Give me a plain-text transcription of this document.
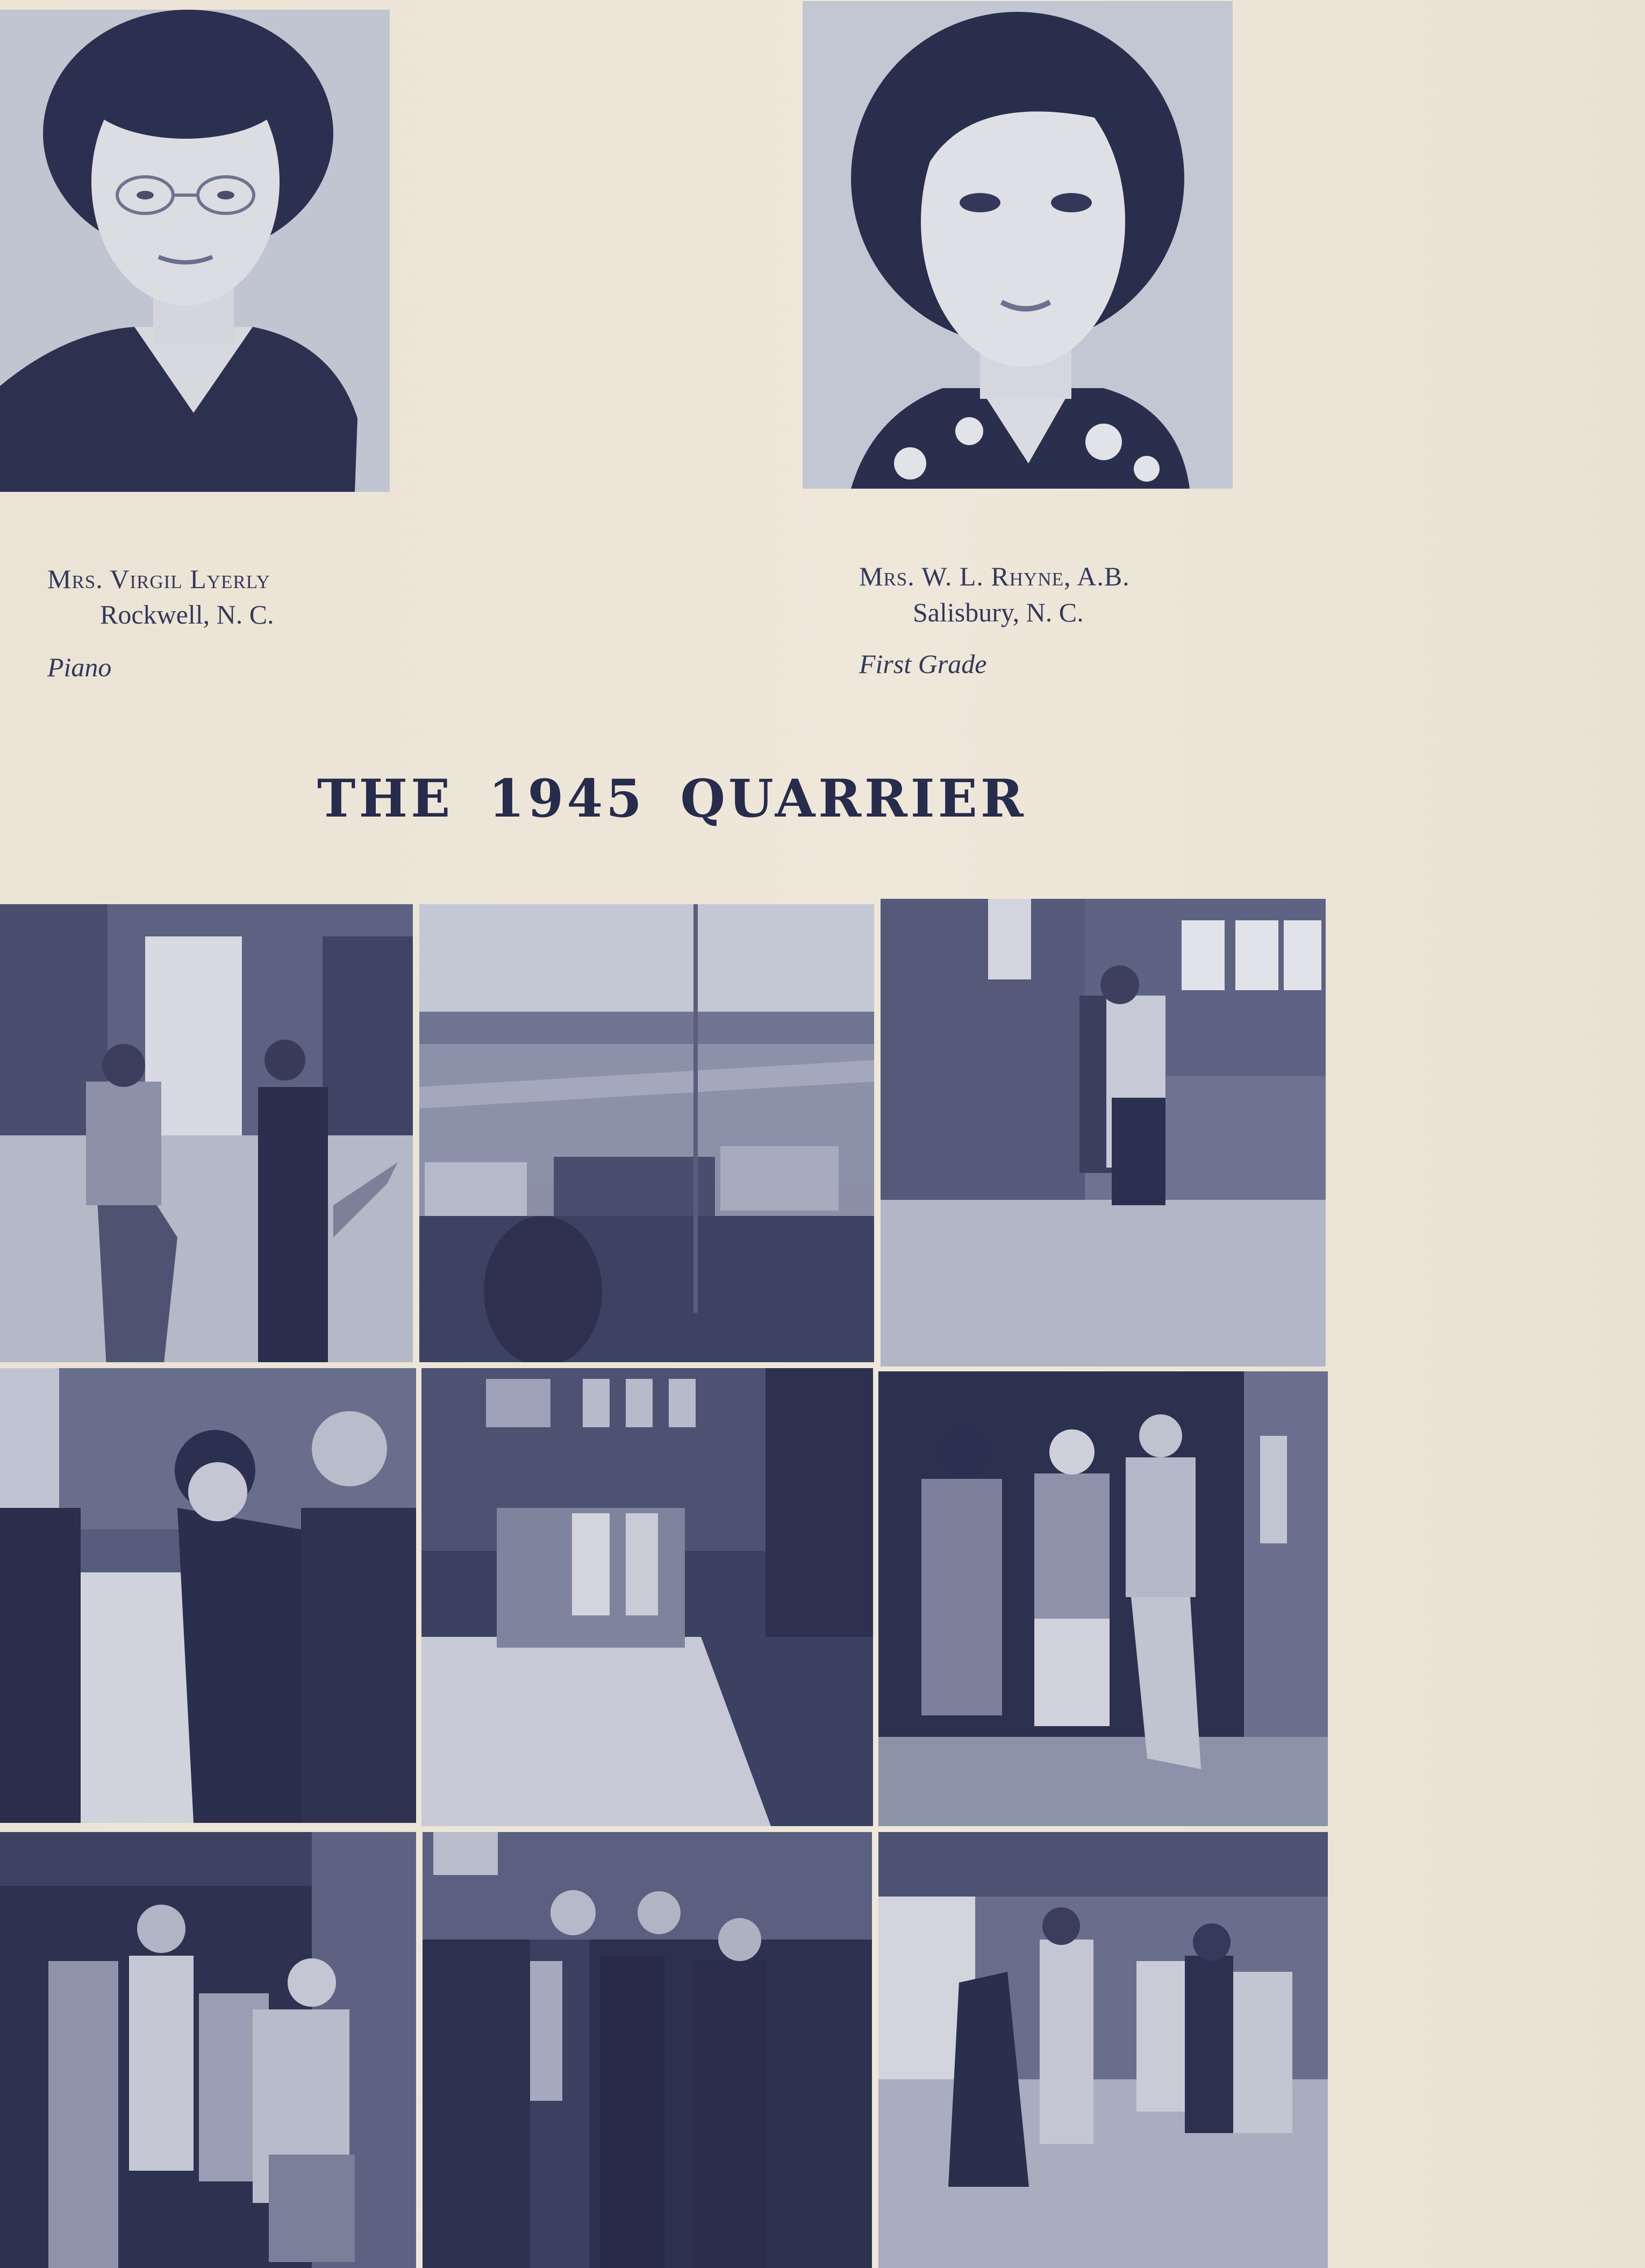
Mrs. Virgil Lyerly
Rockwell, N. C.
Piano
Mrs. W. L. Rhyne, A.B.
Salisbury, N. C.
First Grade
THE 1945 QUARRIER
